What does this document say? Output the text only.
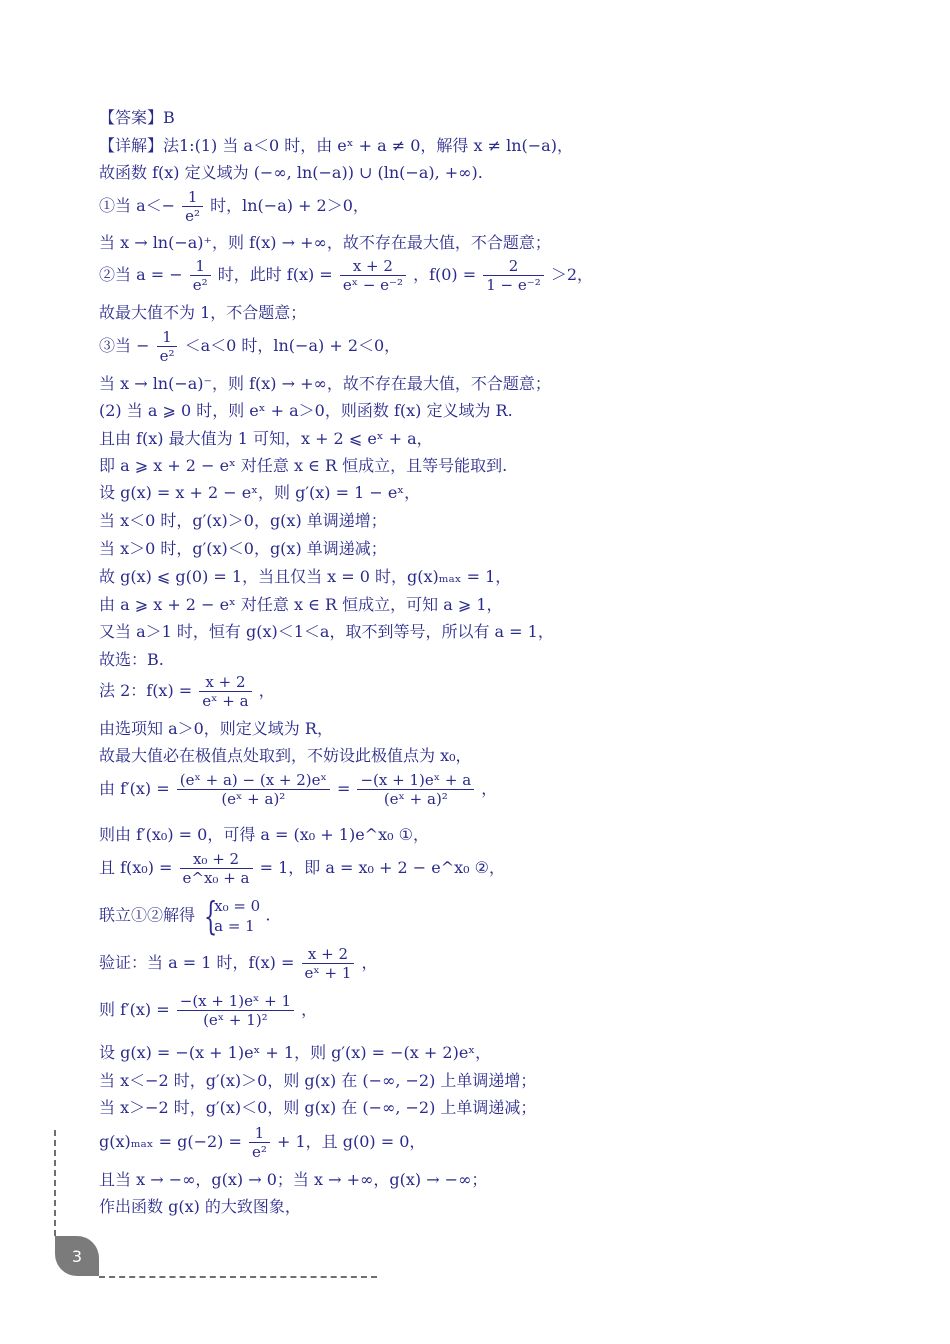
【答案】B
【详解】法1:(1) 当 a＜0 时，由 eˣ + a ≠ 0，解得 x ≠ ln(−a)，
故函数 f(x) 定义域为 (−∞, ln(−a)) ∪ (ln(−a), +∞).
①当 $a<- \frac{1}{\text{e²}}$ 时，ln(−a) + 2＞0，
当 x → ln(−a)⁺，则 f(x) → +∞，故不存在最大值，不合题意；
②当 a = − $\frac{1}{\text{e²}}$ 时，此时 $f(x) = \frac{x + 2}{\text{eˣ − e⁻²}}$ ，$f(0) = \frac{2}{\text{1 − e⁻²}} >2$，
故最大值不为 1，不合题意；
③当 − $\frac{1}{\text{e²}} <a<0$ 时，ln(−a) + 2＜0，
当 x → ln(−a)⁻，则 f(x) → +∞，故不存在最大值，不合题意；
(2) 当 a ⩾ 0 时，则 eˣ + a＞0，则函数 f(x) 定义域为 R.
且由 f(x) 最大值为 1 可知，x + 2 ⩽ eˣ + a，
即 a ⩾ x + 2 − eˣ 对任意 x ∈ R 恒成立，且等号能取到.
设 g(x) = x + 2 − eˣ，则 g′(x) = 1 − eˣ，
当 x＜0 时，g′(x)＞0，g(x) 单调递增；
当 x＞0 时，g′(x)＜0，g(x) 单调递减；
故 g(x) ⩽ g(0) = 1，当且仅当 x = 0 时，g(x)ₘₐₓ = 1，
由 a ⩾ x + 2 − eˣ 对任意 x ∈ R 恒成立，可知 a ⩾ 1，
又当 a＞1 时，恒有 g(x)＜1＜a，取不到等号，所以有 a = 1，
故选：B.
法 2：$f(x) = \frac{x + 2}{\text{eˣ + a}}$ ，
由选项知 a＞0，则定义域为 R，
故最大值必在极值点处取到，不妨设此极值点为 x₀，
由 $f'(x) = \frac{\text{(eˣ + a) − (x + 2)eˣ}}{\text{(eˣ + a)²}} = \frac{\text{−(x + 1)eˣ + a}}{\text{(eˣ + a)²}}$ ，
则由 f′(x₀) = 0，可得 a = (x₀ + 1)e^x₀ ①，
且 $f(x_0) = \frac{\text{x₀ + 2}}{\text{e\textasciicircum{}x₀ + a}} = 1$，即 a = x₀ + 2 − e^x₀ ②，
联立①②解得 {
x₀ = 0
a = 1
.
验证：当 a = 1 时，$f(x) = \frac{x + 2}{\text{eˣ + 1}}$ ，
则 $f'(x) = \frac{\text{−(x + 1)eˣ + 1}}{\text{(eˣ + 1)²}}$ ，
设 g(x) = −(x + 1)eˣ + 1，则 g′(x) = −(x + 2)eˣ，
当 x＜−2 时，g′(x)＞0，则 g(x) 在 (−∞, −2) 上单调递增；
当 x＞−2 时，g′(x)＜0，则 g(x) 在 (−∞, −2) 上单调递减；
$g(x)_{max} = g(-2) = \frac{1}{\text{e²}} + 1$，且 g(0) = 0，
且当 x → −∞，g(x) → 0；当 x → +∞，g(x) → −∞；
作出函数 g(x) 的大致图象，
3
